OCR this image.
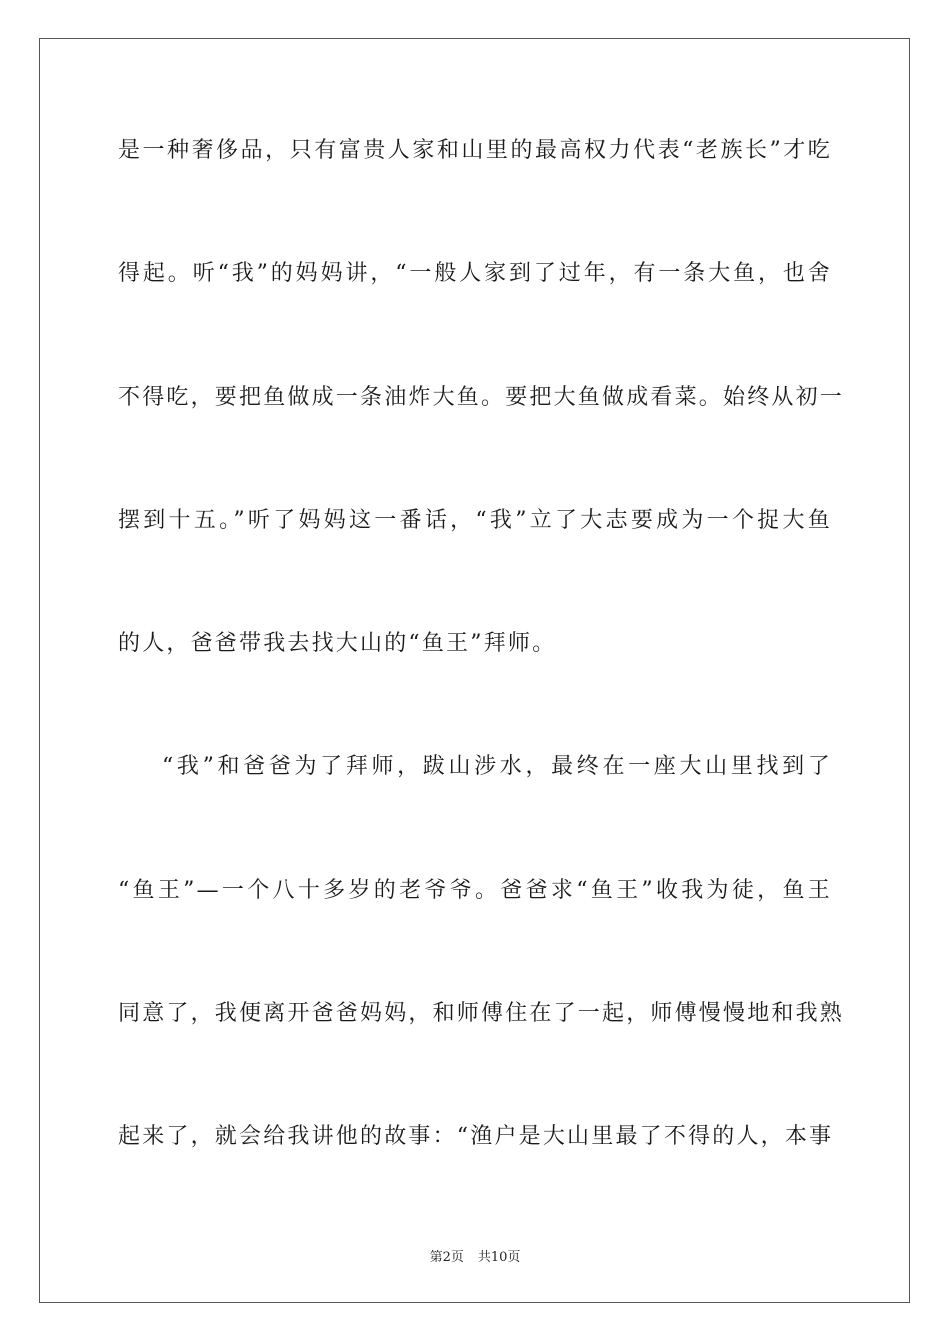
是一种奢侈品，只有富贵人家和山里的最高权力代表“老族长”才吃
得起。听“我”的妈妈讲，“一般人家到了过年，有一条大鱼，也舍
不得吃，要把鱼做成一条油炸大鱼。要把大鱼做成看菜。始终从初一
摆到十五。”听了妈妈这一番话，“我”立了大志要成为一个捉大鱼
的人，爸爸带我去找大山的“鱼王”拜师。
“我”和爸爸为了拜师，跋山涉水，最终在一座大山里找到了
“鱼王”—一个八十多岁的老爷爷。爸爸求“鱼王”收我为徒，鱼王
同意了，我便离开爸爸妈妈，和师傅住在了一起，师傅慢慢地和我熟
起来了，就会给我讲他的故事：“渔户是大山里最了不得的人，本事
第2页 共10页
